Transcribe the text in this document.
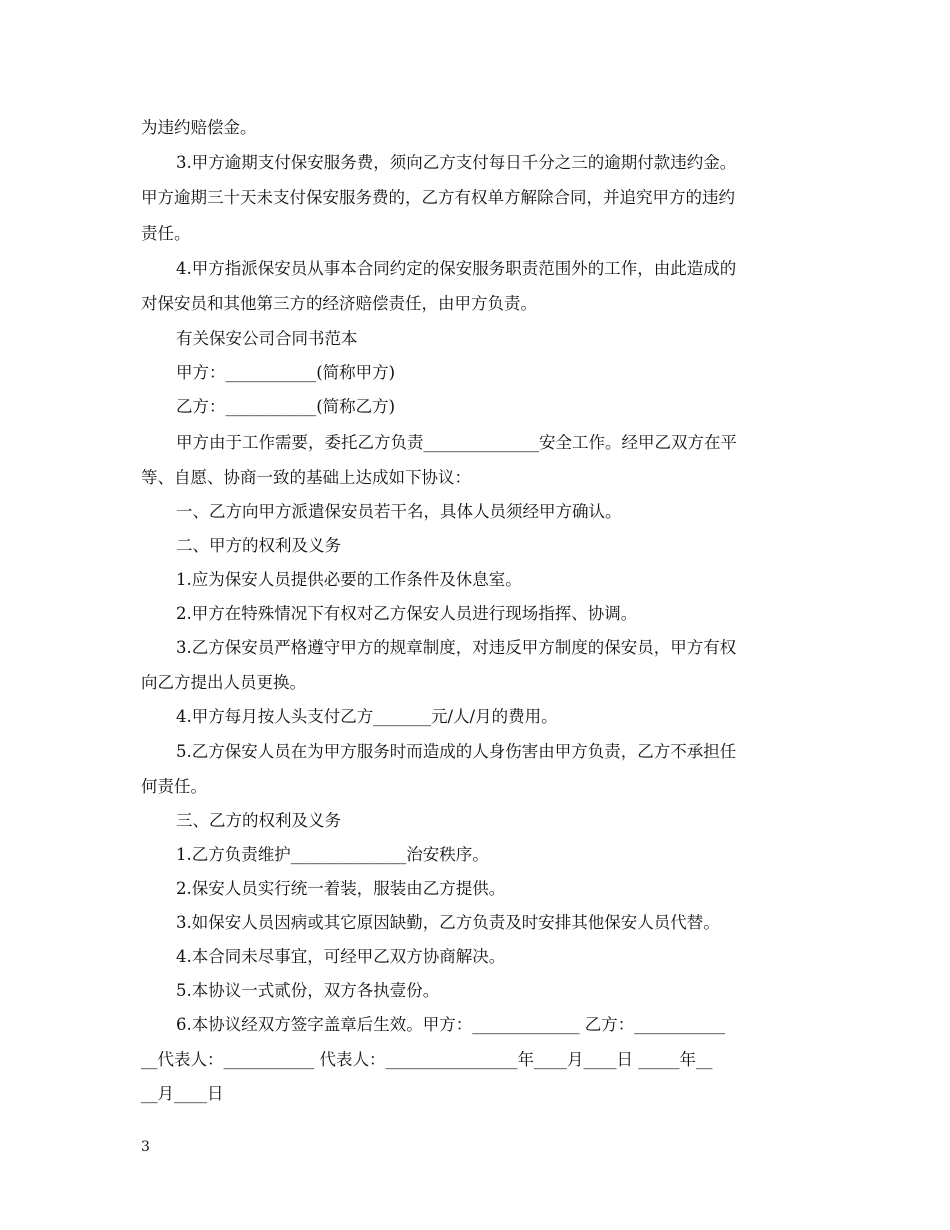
为违约赔偿金。
3.甲方逾期支付保安服务费，须向乙方支付每日千分之三的逾期付款违约金。
甲方逾期三十天未支付保安服务费的，乙方有权单方解除合同，并追究甲方的违约
责任。
4.甲方指派保安员从事本合同约定的保安服务职责范围外的工作，由此造成的
对保安员和其他第三方的经济赔偿责任，由甲方负责。
有关保安公司合同书范本
甲方：___________(简称甲方)
乙方：___________(简称乙方)
甲方由于工作需要，委托乙方负责______________安全工作。经甲乙双方在平
等、自愿、协商一致的基础上达成如下协议：
一、乙方向甲方派遣保安员若干名，具体人员须经甲方确认。
二、甲方的权利及义务
1.应为保安人员提供必要的工作条件及休息室。
2.甲方在特殊情况下有权对乙方保安人员进行现场指挥、协调。
3.乙方保安员严格遵守甲方的规章制度，对违反甲方制度的保安员，甲方有权
向乙方提出人员更换。
4.甲方每月按人头支付乙方_______元/人/月的费用。
5.乙方保安人员在为甲方服务时而造成的人身伤害由甲方负责，乙方不承担任
何责任。
三、乙方的权利及义务
1.乙方负责维护______________治安秩序。
2.保安人员实行统一着装，服装由乙方提供。
3.如保安人员因病或其它原因缺勤，乙方负责及时安排其他保安人员代替。
4.本合同未尽事宜，可经甲乙双方协商解决。
5.本协议一式贰份，双方各执壹份。
6.本协议经双方签字盖章后生效。甲方：_____________ 乙方：___________
__代表人：___________ 代表人：________________年____月____日 _____年__
__月____日
3
